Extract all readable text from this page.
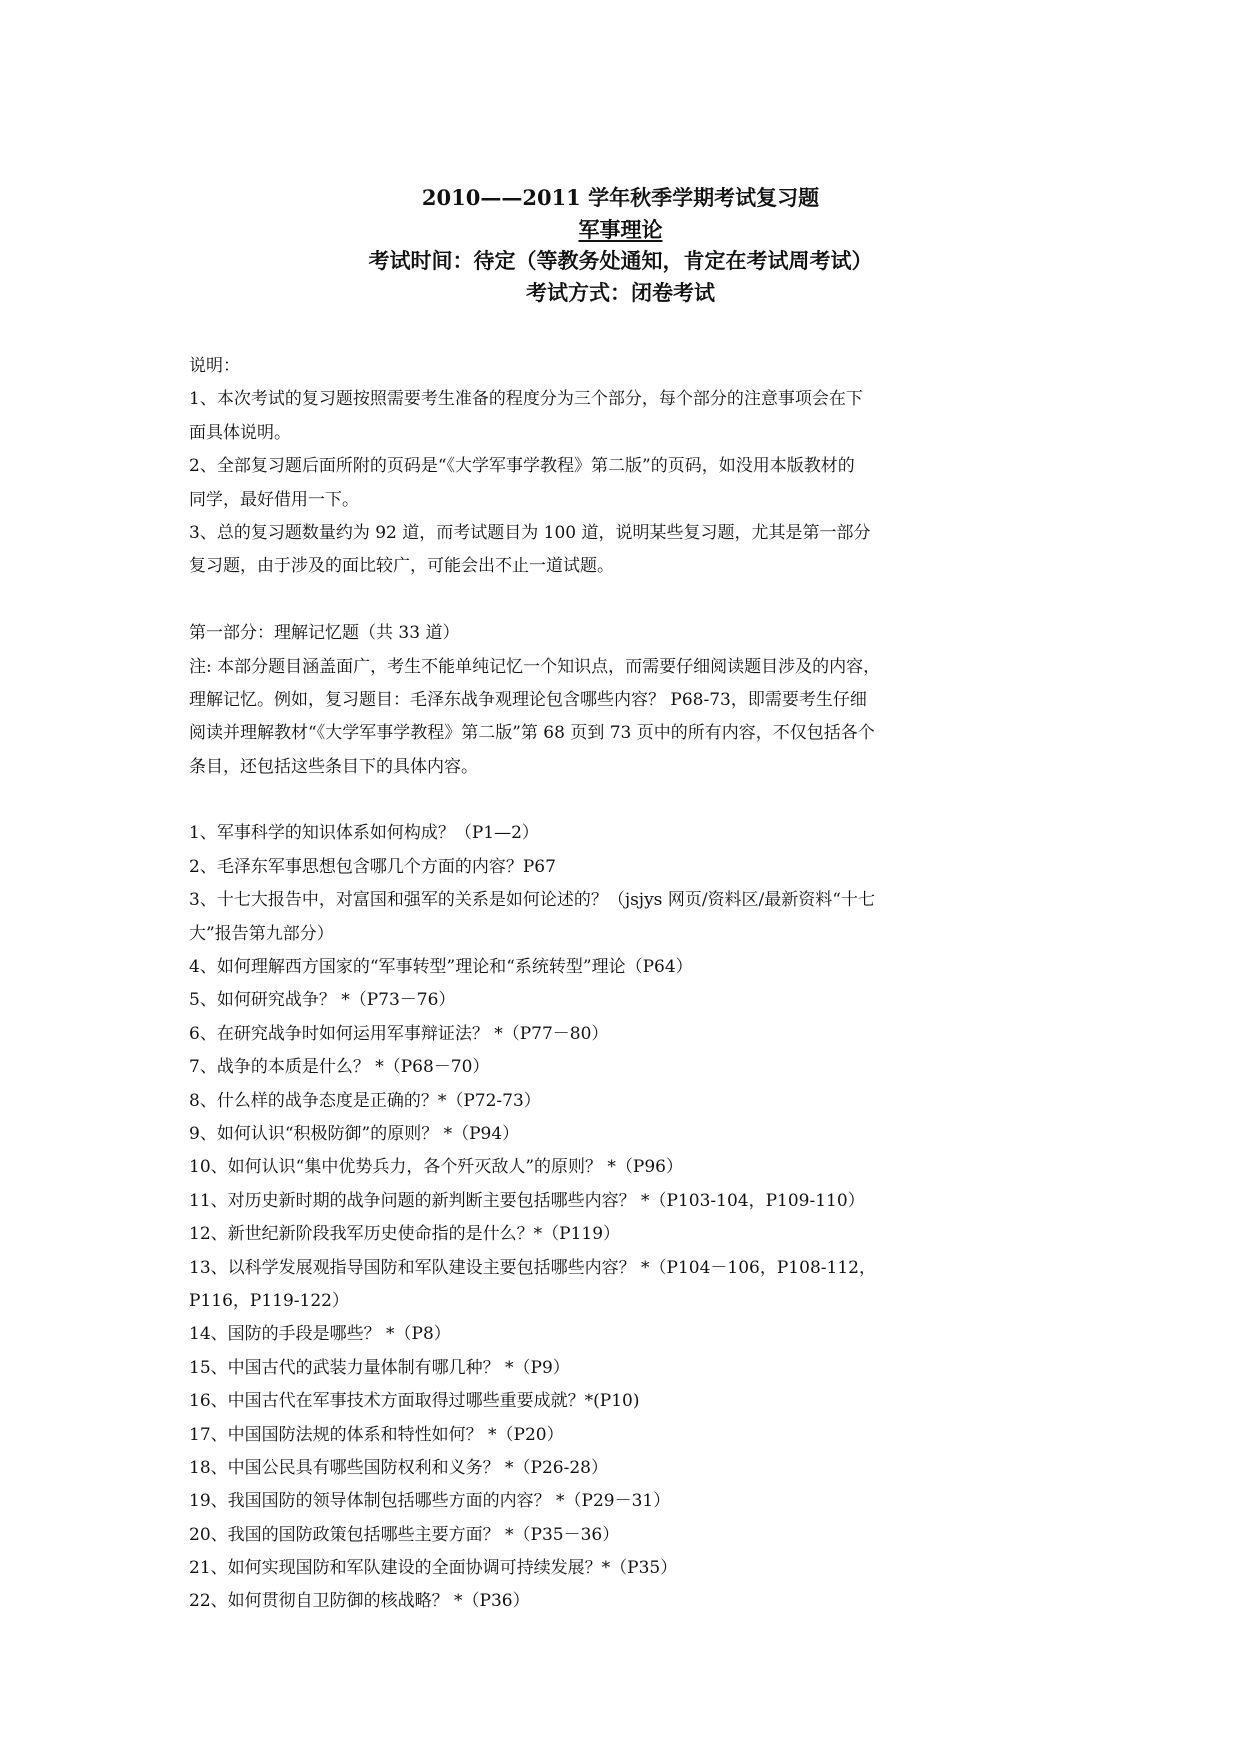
2010——2011 学年秋季学期考试复习题
军事理论
考试时间：待定（等教务处通知，肯定在考试周考试）
考试方式：闭卷考试
说明：
1、本次考试的复习题按照需要考生准备的程度分为三个部分，每个部分的注意事项会在下
面具体说明。
2、全部复习题后面所附的页码是“《大学军事学教程》第二版”的页码，如没用本版教材的
同学，最好借用一下。
3、总的复习题数量约为 92 道，而考试题目为 100 道，说明某些复习题，尤其是第一部分
复习题，由于涉及的面比较广，可能会出不止一道试题。
第一部分：理解记忆题（共 33 道）
注: 本部分题目涵盖面广，考生不能单纯记忆一个知识点，而需要仔细阅读题目涉及的内容，
理解记忆。例如，复习题目：毛泽东战争观理论包含哪些内容？ P68-73，即需要考生仔细
阅读并理解教材“《大学军事学教程》第二版”第 68 页到 73 页中的所有内容，不仅包括各个
条目，还包括这些条目下的具体内容。
1、军事科学的知识体系如何构成？（P1—2）
2、毛泽东军事思想包含哪几个方面的内容？P67
3、十七大报告中，对富国和强军的关系是如何论述的？（jsjys 网页/资料区/最新资料“十七
大”报告第九部分）
4、如何理解西方国家的“军事转型”理论和“系统转型”理论（P64）
5、如何研究战争？ *（P73－76）
6、在研究战争时如何运用军事辩证法？ *（P77－80）
7、战争的本质是什么？ *（P68－70）
8、什么样的战争态度是正确的？*（P72-73）
9、如何认识“积极防御”的原则？ *（P94）
10、如何认识“集中优势兵力，各个歼灭敌人”的原则？ *（P96）
11、对历史新时期的战争问题的新判断主要包括哪些内容？ *（P103-104，P109-110）
12、新世纪新阶段我军历史使命指的是什么？*（P119）
13、以科学发展观指导国防和军队建设主要包括哪些内容？ *（P104－106，P108-112，
P116，P119-122）
14、国防的手段是哪些？ *（P8）
15、中国古代的武装力量体制有哪几种？ *（P9）
16、中国古代在军事技术方面取得过哪些重要成就？*(P10)
17、中国国防法规的体系和特性如何？ *（P20）
18、中国公民具有哪些国防权利和义务？ *（P26-28）
19、我国国防的领导体制包括哪些方面的内容？ *（P29－31）
20、我国的国防政策包括哪些主要方面？ *（P35－36）
21、如何实现国防和军队建设的全面协调可持续发展？*（P35）
22、如何贯彻自卫防御的核战略？ *（P36）
